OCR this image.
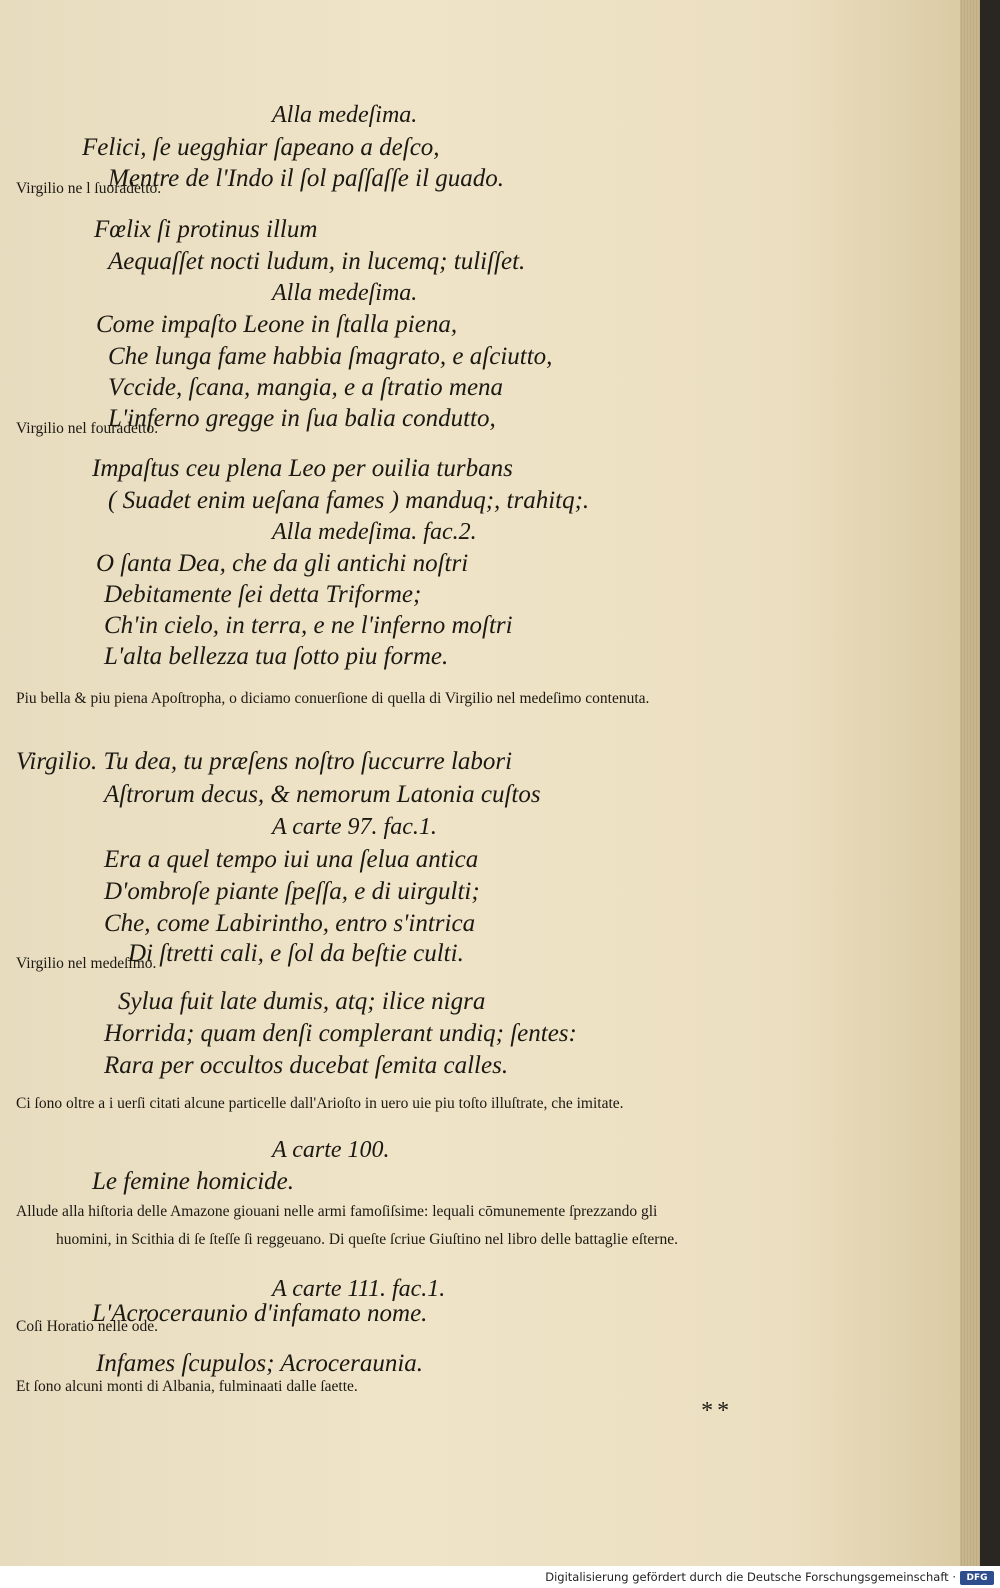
Alla medeſima.
Felici, ſe uegghiar ſapeano a deſco,
Mentre de l'Indo il ſol paſſaſſe il guado.
Virgilio ne l ſuoradetto.
Fœlix ſi protinus illum
Aequaſſet nocti ludum, in lucemq; tuliſſet.
Alla medeſima.
Come impaſto Leone in ſtalla piena,
Che lunga fame habbia ſmagrato, e aſciutto,
Vccide, ſcana, mangia, e a ſtratio mena
L'inferno gregge in ſua balia condutto,
Virgilio nel fouradetto.
Impaſtus ceu plena Leo per ouilia turbans
( Suadet enim ueſana fames ) manduq;, trahitq;.
Alla medeſima. fac.2.
O ſanta Dea, che da gli antichi noſtri
Debitamente ſei detta Triforme;
Ch'in cielo, in terra, e ne l'inferno moſtri
L'alta bellezza tua ſotto piu forme.
Piu bella & piu piena Apoſtropha, o diciamo conuerſione di quella di Virgilio nel medeſimo contenuta.
Virgilio. Tu dea, tu præſens noſtro ſuccurre labori
Aſtrorum decus, & nemorum Latonia cuſtos
A carte 97. fac.1.
Era a quel tempo iui una ſelua antica
D'ombroſe piante ſpeſſa, e di uirgulti;
Che, come Labirintho, entro s'intrica
Di ſtretti cali, e ſol da beſtie culti.
Virgilio nel medeſimo.
Sylua fuit late dumis, atq; ilice nigra
Horrida; quam denſi complerant undiq; ſentes:
Rara per occultos ducebat ſemita calles.
Ci ſono oltre a i uerſi citati alcune particelle dall'Arioſto in uero uie piu toſto illuſtrate, che imitate.
A carte 100.
Le femine homicide.
Allude alla hiſtoria delle Amazone giouani nelle armi famoſiſsime: lequali cōmunemente ſprezzando gli
huomini, in Scithia di ſe ſteſſe ſi reggeuano. Di queſte ſcriue Giuſtino nel libro delle battaglie eſterne.
A carte 111. fac.1.
L'Acroceraunio d'infamato nome.
Coſi Horatio nelle ode.
Infames ſcupulos; Acroceraunia.
Et ſono alcuni monti di Albania, fulminaati dalle ſaette.
**
Digitalisierung gefördert durch die Deutsche Forschungsgemeinschaft · DFG
